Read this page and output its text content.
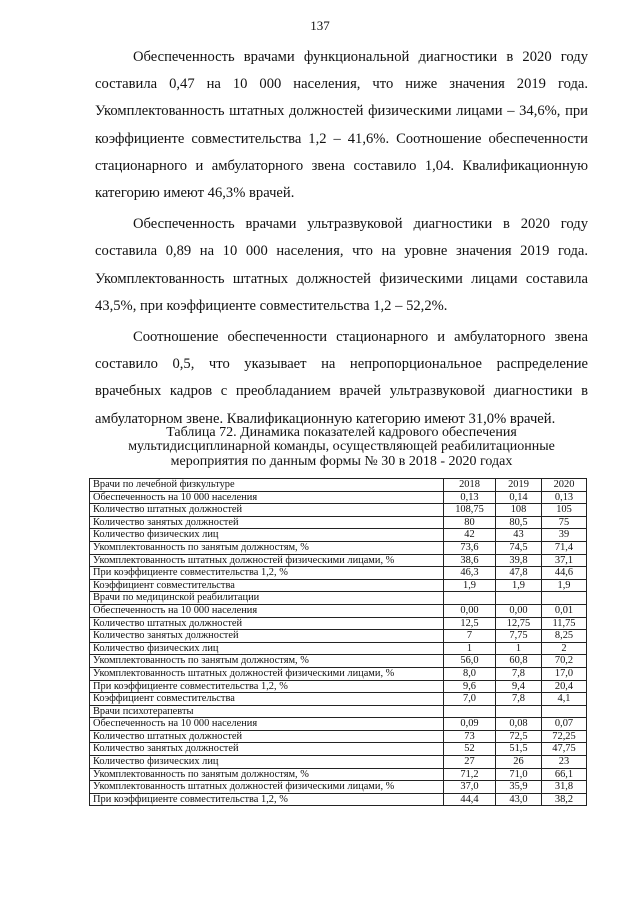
137

Обеспеченность врачами функциональной диагностики в 2020 году составила 0,47 на 10 000 населения, что ниже значения 2019 года. Укомплектованность штатных должностей физическими лицами – 34,6%, при коэффициенте совместительства 1,2 – 41,6%. Соотношение обеспеченности стационарного и амбулаторного звена составило 1,04. Квалификационную категорию имеют 46,3% врачей.

Обеспеченность врачами ультразвуковой диагностики в 2020 году составила 0,89 на 10 000 населения, что на уровне значения 2019 года. Укомплектованность штатных должностей физическими лицами составила 43,5%, при коэффициенте совместительства 1,2 – 52,2%.

Соотношение обеспеченности стационарного и амбулаторного звена составило 0,5, что указывает на непропорциональное распределение врачебных кадров с преобладанием врачей ультразвуковой диагностики в амбулаторном звене. Квалификационную категорию имеют 31,0% врачей.

Таблица 72. Динамика показателей кадрового обеспечения мультидисциплинарной команды, осуществляющей реабилитационные мероприятия по данным формы № 30 в 2018 - 2020 годах
Врачи по лечебной физкультуре	2018	2019	2020
Обеспеченность на 10 000 населения	0,13	0,14	0,13
Количество штатных должностей	108,75	108	105
Количество занятых должностей	80	80,5	75
Количество физических лиц	42	43	39
Укомплектованность по занятым должностям, %	73,6	74,5	71,4
Укомплектованность штатных должностей физическими лицами, %	38,6	39,8	37,1
При коэффициенте совместительства 1,2, %	46,3	47,8	44,6
Коэффициент совместительства	1,9	1,9	1,9
Врачи по медицинской реабилитации			
Обеспеченность на 10 000 населения	0,00	0,00	0,01
Количество штатных должностей	12,5	12,75	11,75
Количество занятых должностей	7	7,75	8,25
Количество физических лиц	1	1	2
Укомплектованность по занятым должностям, %	56,0	60,8	70,2
Укомплектованность штатных должностей физическими лицами, %	8,0	7,8	17,0
При коэффициенте совместительства 1,2, %	9,6	9,4	20,4
Коэффициент совместительства	7,0	7,8	4,1
Врачи психотерапевты			
Обеспеченность на 10 000 населения	0,09	0,08	0,07
Количество штатных должностей	73	72,5	72,25
Количество занятых должностей	52	51,5	47,75
Количество физических лиц	27	26	23
Укомплектованность по занятым должностям, %	71,2	71,0	66,1
Укомплектованность штатных должностей физическими лицами, %	37,0	35,9	31,8
При коэффициенте совместительства 1,2, %	44,4	43,0	38,2
